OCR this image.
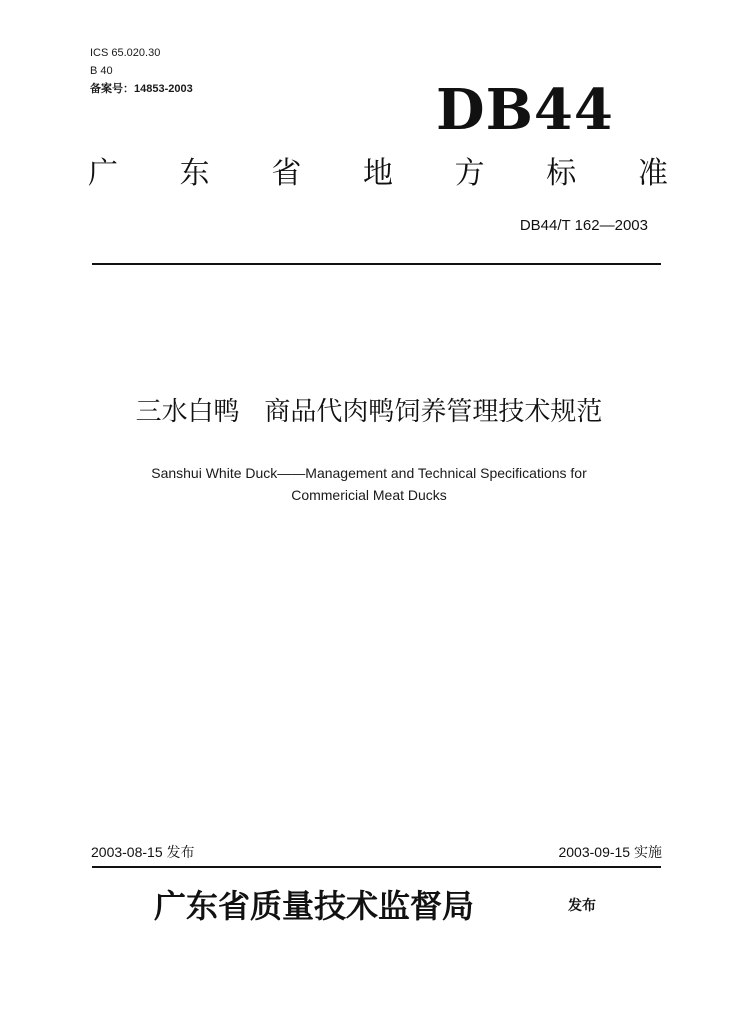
ICS 65.020.30
B 40
备案号：14853-2003	DB44
广 东 省 地 方 标 准
DB44/T 162—2003
三水白鸭   商品代肉鸭饲养管理技术规范
Sanshui White Duck——Management and Technical Specifications for
Commericial Meat Ducks
2003-08-15 发布	2003-09-15 实施
广东省质量技术监督局	发布
